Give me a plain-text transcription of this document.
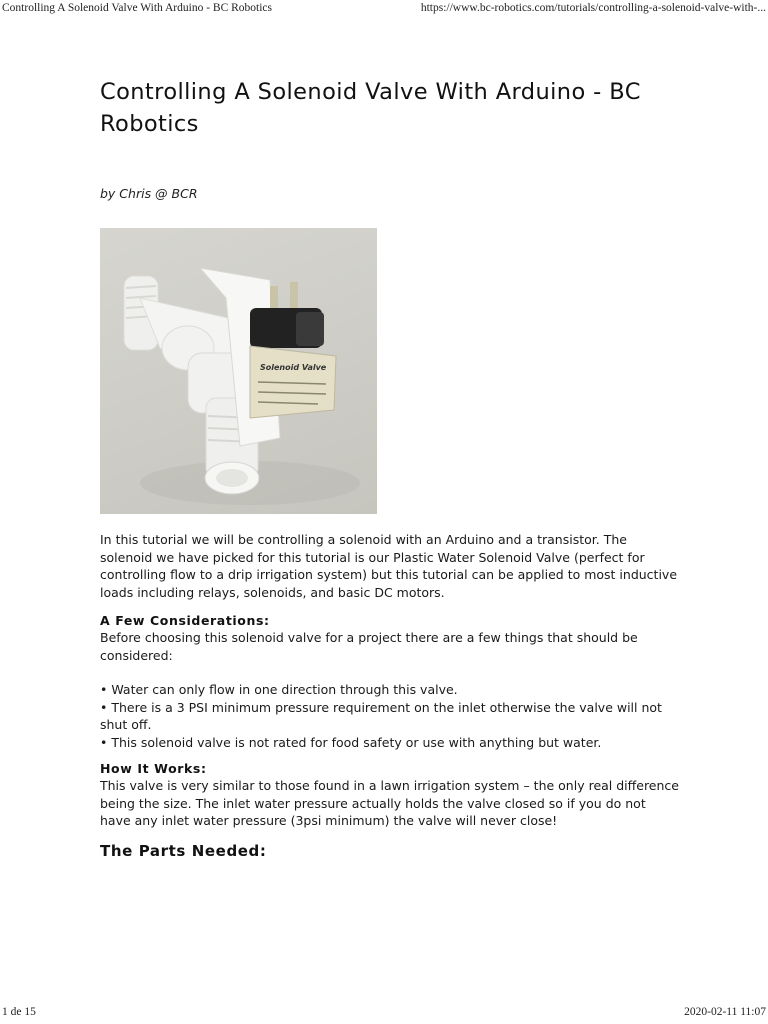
Controlling A Solenoid Valve With Arduino - BC Robotics	https://www.bc-robotics.com/tutorials/controlling-a-solenoid-valve-with-...
Controlling A Solenoid Valve With Arduino - BC Robotics
by Chris @ BCR
Solenoid Valve

In this tutorial we will be controlling a solenoid with an Arduino and a transistor. The solenoid we have picked for this tutorial is our Plastic Water Solenoid Valve (perfect for controlling flow to a drip irrigation system) but this tutorial can be applied to most inductive loads including relays, solenoids, and basic DC motors.

A Few Considerations:

Before choosing this solenoid valve for a project there are a few things that should be considered:

• Water can only flow in one direction through this valve.
• There is a 3 PSI minimum pressure requirement on the inlet otherwise the valve will not shut off.
• This solenoid valve is not rated for food safety or use with anything but water.
How It Works:

This valve is very similar to those found in a lawn irrigation system – the only real difference being the size. The inlet water pressure actually holds the valve closed so if you do not have any inlet water pressure (3psi minimum) the valve will never close!

The Parts Needed:
1 de 15	2020-02-11 11:07
